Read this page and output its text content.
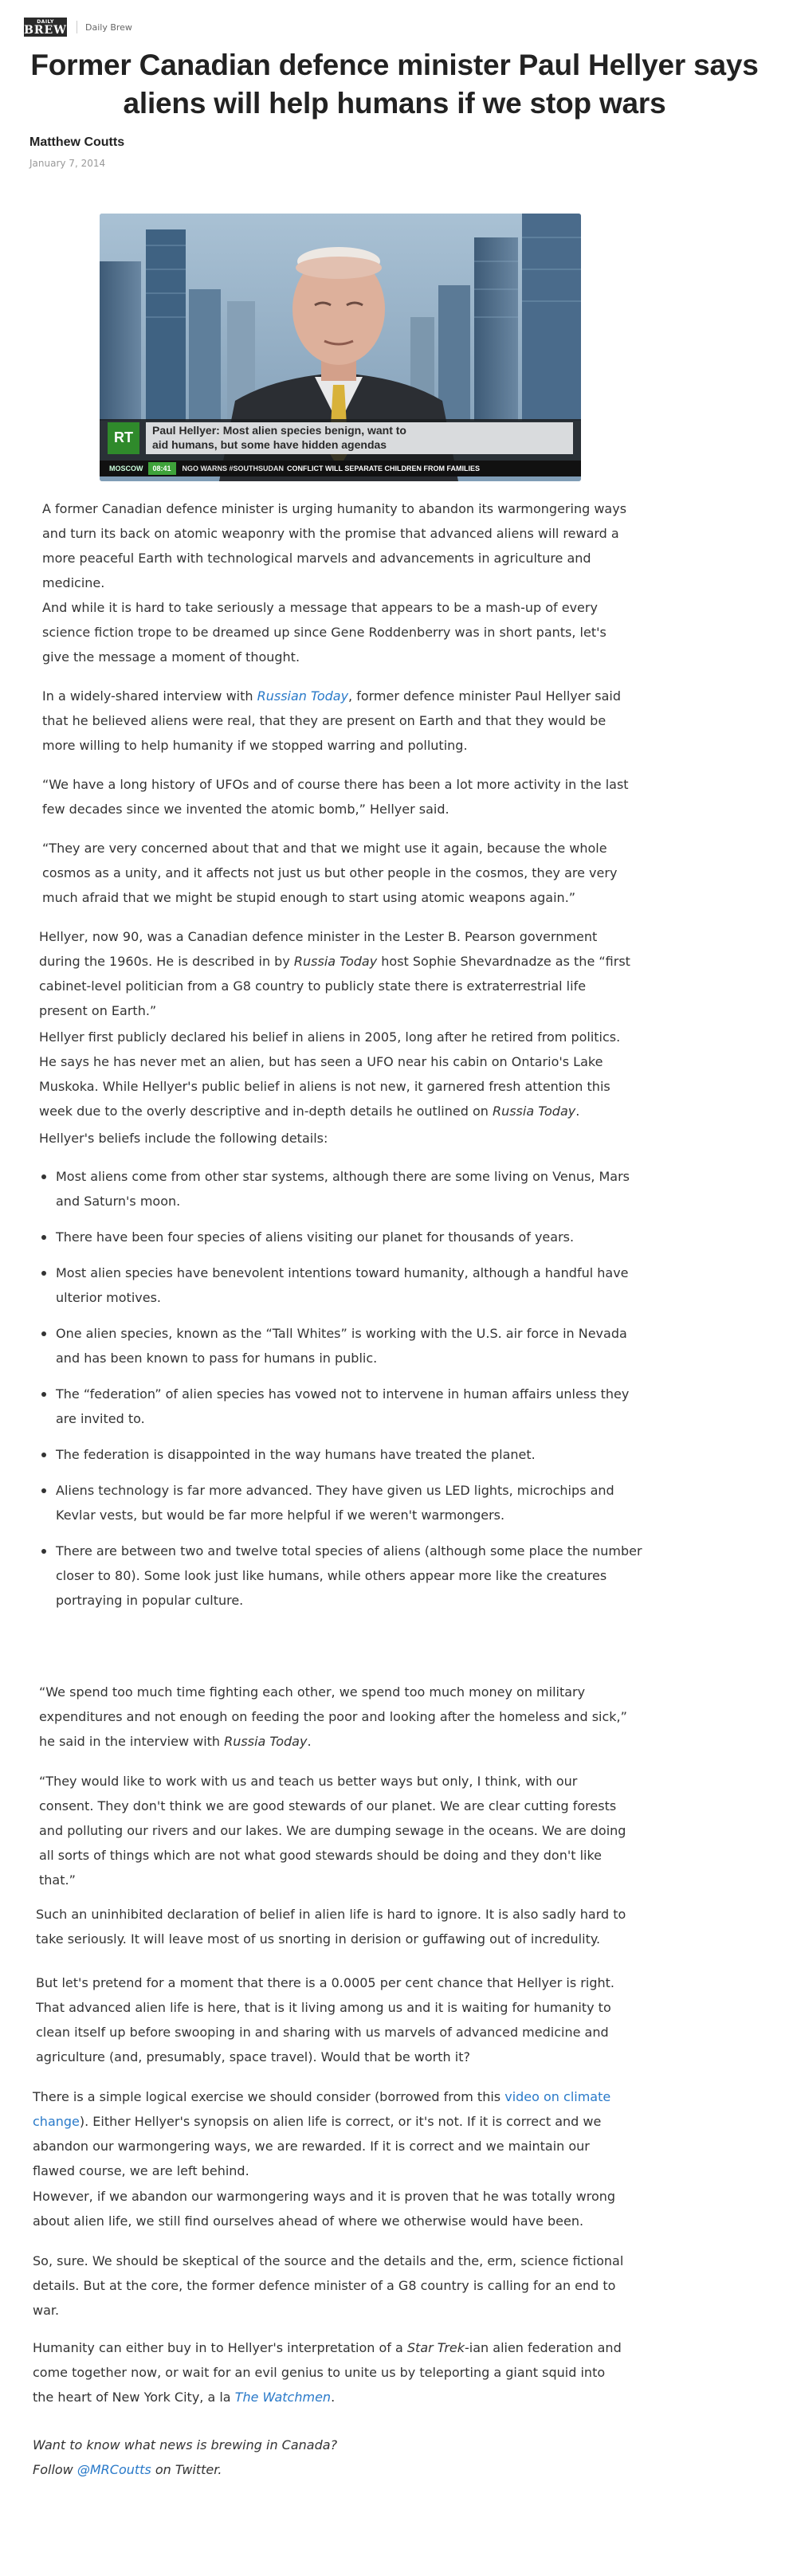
DAILY
BREW Daily Brew
Former Canadian defence minister Paul Hellyer says aliens will help humans if we stop wars
Matthew Coutts
January 7, 2014
RT Paul Hellyer: Most alien species benign, want to
aid humans, but some have hidden agendas
MOSCOW	08:41	NGO WARNS #SOUTHSUDAN CONFLICT WILL SEPARATE CHILDREN FROM FAMILIES

A former Canadian defence minister is urging humanity to abandon its warmongering ways and turn its back on atomic weaponry with the promise that advanced aliens will reward a more peaceful Earth with technological marvels and advancements in agriculture and medicine.

And while it is hard to take seriously a message that appears to be a mash-up of every science fiction trope to be dreamed up since Gene Roddenberry was in short pants, let's give the message a moment of thought.

In a widely-shared interview with Russian Today, former defence minister Paul Hellyer said that he believed aliens were real, that they are present on Earth and that they would be more willing to help humanity if we stopped warring and polluting.

“We have a long history of UFOs and of course there has been a lot more activity in the last few decades since we invented the atomic bomb,” Hellyer said.

“They are very concerned about that and that we might use it again, because the whole cosmos as a unity, and it affects not just us but other people in the cosmos, they are very much afraid that we might be stupid enough to start using atomic weapons again.”

Hellyer, now 90, was a Canadian defence minister in the Lester B. Pearson government during the 1960s. He is described in by Russia Today host Sophie Shevardnadze as the “first cabinet-level politician from a G8 country to publicly state there is extraterrestrial life present on Earth.”

Hellyer first publicly declared his belief in aliens in 2005, long after he retired from politics. He says he has never met an alien, but has seen a UFO near his cabin on Ontario's Lake Muskoka. While Hellyer's public belief in aliens is not new, it garnered fresh attention this week due to the overly descriptive and in-depth details he outlined on Russia Today.

Hellyer's beliefs include the following details:

Most aliens come from other star systems, although there are some living on Venus, Mars and Saturn's moon.
There have been four species of aliens visiting our planet for thousands of years.
Most alien species have benevolent intentions toward humanity, although a handful have ulterior motives.
One alien species, known as the “Tall Whites” is working with the U.S. air force in Nevada and has been known to pass for humans in public.
The “federation” of alien species has vowed not to intervene in human affairs unless they are invited to.
The federation is disappointed in the way humans have treated the planet.
Aliens technology is far more advanced. They have given us LED lights, microchips and Kevlar vests, but would be far more helpful if we weren't warmongers.
There are between two and twelve total species of aliens (although some place the number closer to 80). Some look just like humans, while others appear more like the creatures portraying in popular culture.

“We spend too much time fighting each other, we spend too much money on military expenditures and not enough on feeding the poor and looking after the homeless and sick,” he said in the interview with Russia Today.

“They would like to work with us and teach us better ways but only, I think, with our consent. They don't think we are good stewards of our planet. We are clear cutting forests and polluting our rivers and our lakes. We are dumping sewage in the oceans. We are doing all sorts of things which are not what good stewards should be doing and they don't like that.”

Such an uninhibited declaration of belief in alien life is hard to ignore. It is also sadly hard to take seriously. It will leave most of us snorting in derision or guffawing out of incredulity.

But let's pretend for a moment that there is a 0.0005 per cent chance that Hellyer is right. That advanced alien life is here, that is it living among us and it is waiting for humanity to clean itself up before swooping in and sharing with us marvels of advanced medicine and agriculture (and, presumably, space travel). Would that be worth it?

There is a simple logical exercise we should consider (borrowed from this video on climate change). Either Hellyer's synopsis on alien life is correct, or it's not. If it is correct and we abandon our warmongering ways, we are rewarded. If it is correct and we maintain our flawed course, we are left behind.

However, if we abandon our warmongering ways and it is proven that he was totally wrong about alien life, we still find ourselves ahead of where we otherwise would have been.

So, sure. We should be skeptical of the source and the details and the, erm, science fictional details. But at the core, the former defence minister of a G8 country is calling for an end to war.

Humanity can either buy in to Hellyer's interpretation of a Star Trek-ian alien federation and come together now, or wait for an evil genius to unite us by teleporting a giant squid into the heart of New York City, a la The Watchmen.

Want to know what news is brewing in Canada?

Follow @MRCoutts on Twitter.
